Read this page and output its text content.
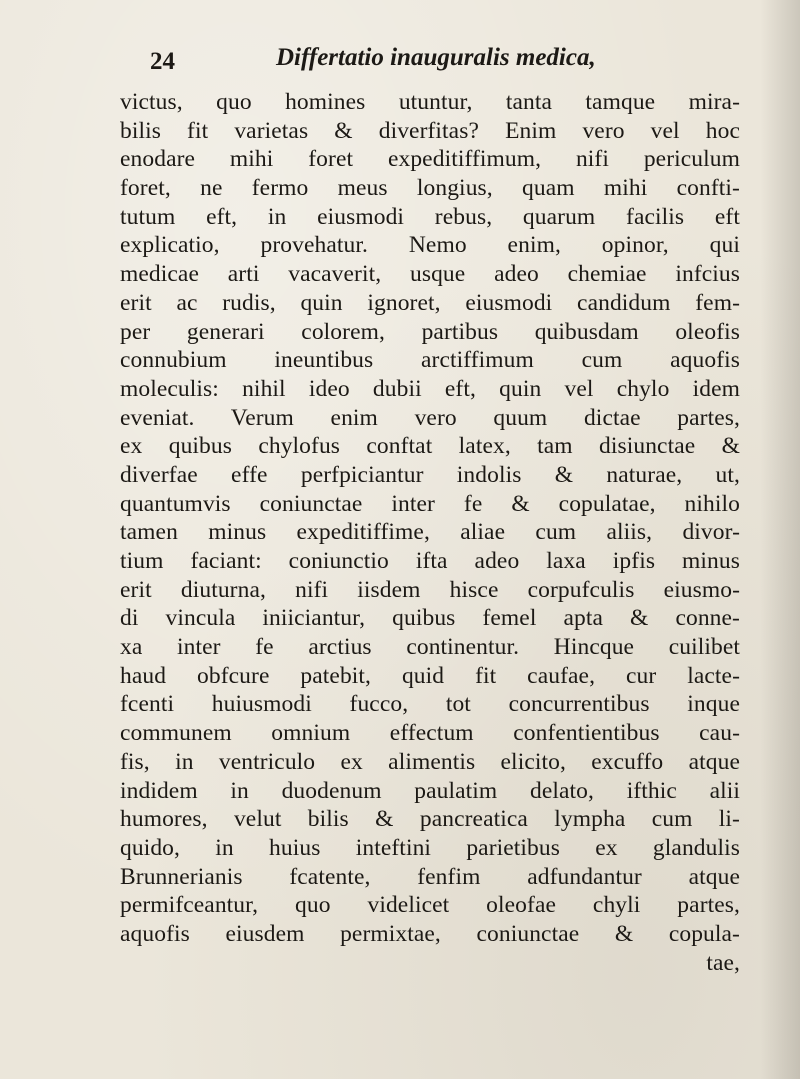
24	Differtatio inauguralis medica,
victus, quo homines utuntur, tanta tamque mira-
bilis fit varietas & diverfitas? Enim vero vel hoc
enodare mihi foret expeditiffimum, nifi periculum
foret, ne fermo meus longius, quam mihi confti-
tutum eft, in eiusmodi rebus, quarum facilis eft
explicatio, provehatur. Nemo enim, opinor, qui
medicae arti vacaverit, usque adeo chemiae infcius
erit ac rudis, quin ignoret, eiusmodi candidum fem-
per generari colorem, partibus quibusdam oleofis
connubium ineuntibus arctiffimum cum aquofis
moleculis: nihil ideo dubii eft, quin vel chylo idem
eveniat. Verum enim vero quum dictae partes,
ex quibus chylofus conftat latex, tam disiunctae &
diverfae effe perfpiciantur indolis & naturae, ut,
quantumvis coniunctae inter fe & copulatae, nihilo
tamen minus expeditiffime, aliae cum aliis, divor-
tium faciant: coniunctio ifta adeo laxa ipfis minus
erit diuturna, nifi iisdem hisce corpufculis eiusmo-
di vincula iniiciantur, quibus femel apta & conne-
xa inter fe arctius continentur. Hincque cuilibet
haud obfcure patebit, quid fit caufae, cur lacte-
fcenti huiusmodi fucco, tot concurrentibus inque
communem omnium effectum confentientibus cau-
fis, in ventriculo ex alimentis elicito, excuffo atque
indidem in duodenum paulatim delato, ifthic alii
humores, velut bilis & pancreatica lympha cum li-
quido, in huius inteftini parietibus ex glandulis
Brunnerianis fcatente, fenfim adfundantur atque
permifceantur, quo videlicet oleofae chyli partes,
aquofis eiusdem permixtae, coniunctae & copula-
tae,
